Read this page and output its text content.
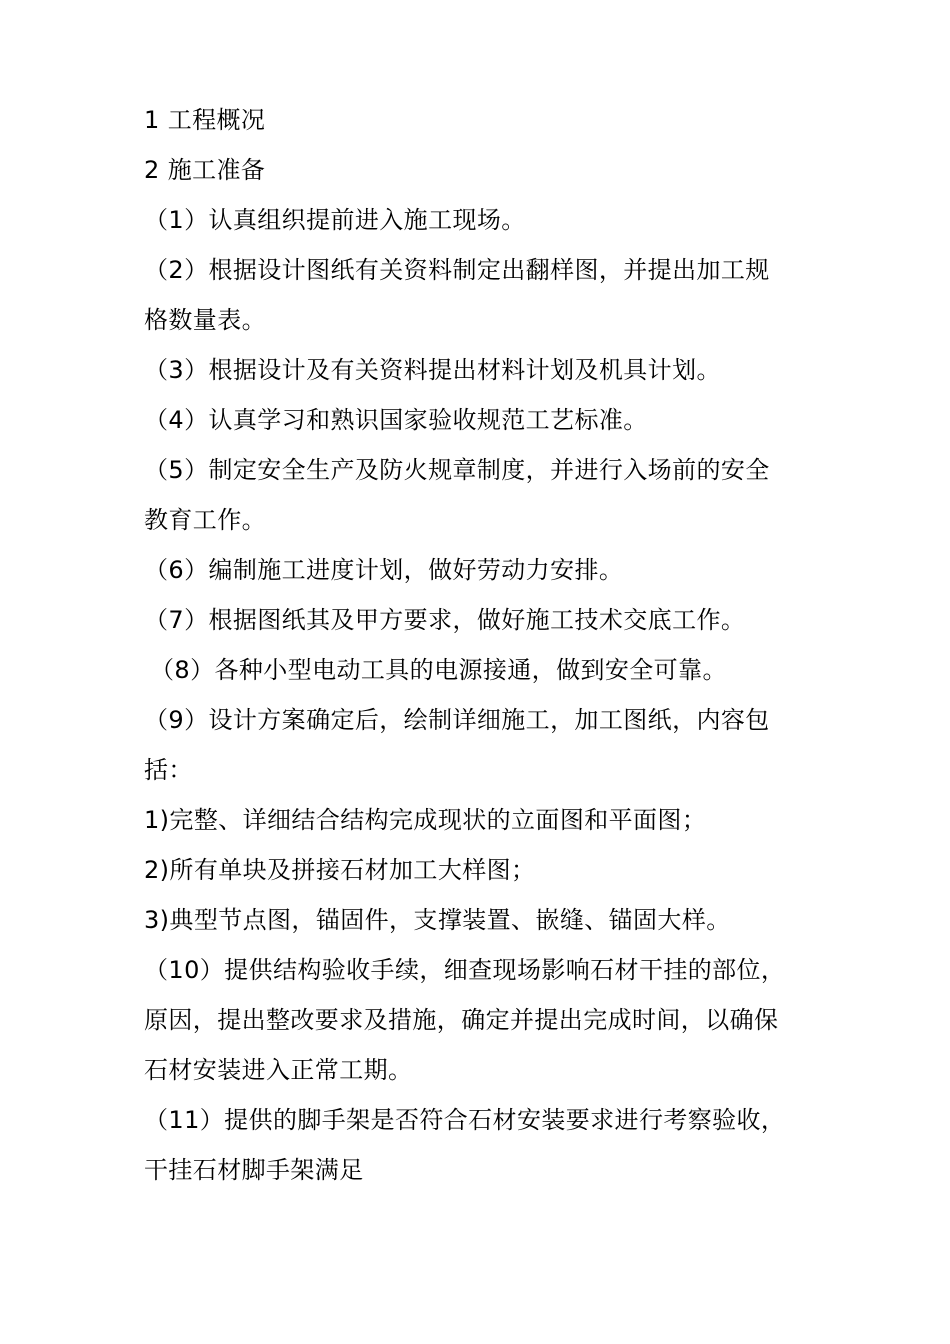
1 工程概况
2 施工准备
（1）认真组织提前进入施工现场。
（2）根据设计图纸有关资料制定出翻样图，并提出加工规
格数量表。
（3）根据设计及有关资料提出材料计划及机具计划。
（4）认真学习和熟识国家验收规范工艺标准。
（5）制定安全生产及防火规章制度，并进行入场前的安全
教育工作。
（6）编制施工进度计划，做好劳动力安排。
（7）根据图纸其及甲方要求，做好施工技术交底工作。
（8）各种小型电动工具的电源接通，做到安全可靠。
（9）设计方案确定后，绘制详细施工，加工图纸，内容包
括：
1)完整、详细结合结构完成现状的立面图和平面图；
2)所有单块及拼接石材加工大样图；
3)典型节点图，锚固件，支撑装置、嵌缝、锚固大样。
（10）提供结构验收手续，细查现场影响石材干挂的部位，
原因，提出整改要求及措施，确定并提出完成时间，以确保
石材安装进入正常工期。
（11）提供的脚手架是否符合石材安装要求进行考察验收，
干挂石材脚手架满足
